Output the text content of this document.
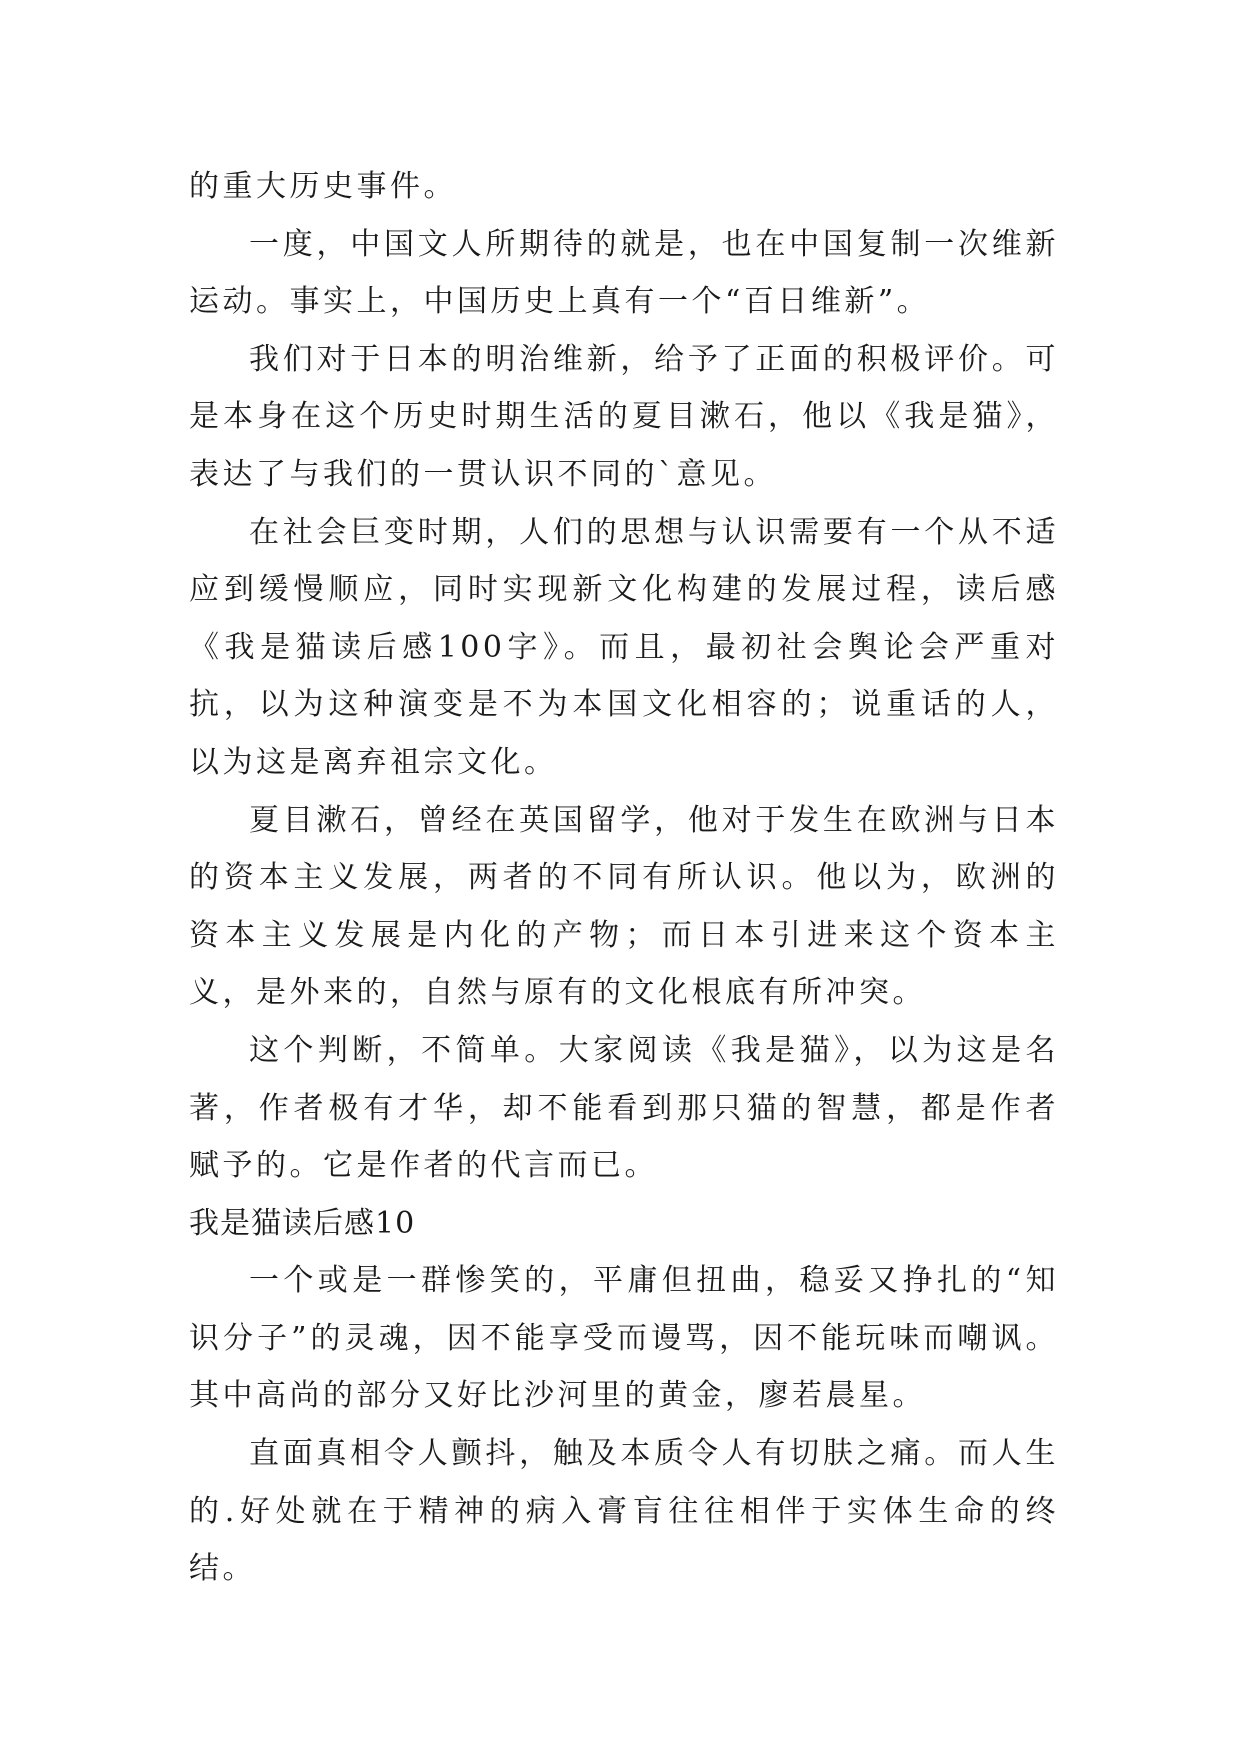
的重大历史事件。

一度，中国文人所期待的就是，也在中国复制一次维新运动。事实上，中国历史上真有一个“百日维新”。

我们对于日本的明治维新，给予了正面的积极评价。可是本身在这个历史时期生活的夏目漱石，他以《我是猫》，表达了与我们的一贯认识不同的`意见。

在社会巨变时期，人们的思想与认识需要有一个从不适应到缓慢顺应，同时实现新文化构建的发展过程，读后感《我是猫读后感100字》。而且，最初社会舆论会严重对抗，以为这种演变是不为本国文化相容的；说重话的人，以为这是离弃祖宗文化。

夏目漱石，曾经在英国留学，他对于发生在欧洲与日本的资本主义发展，两者的不同有所认识。他以为，欧洲的资本主义发展是内化的产物；而日本引进来这个资本主义，是外来的，自然与原有的文化根底有所冲突。

这个判断，不简单。大家阅读《我是猫》，以为这是名著，作者极有才华，却不能看到那只猫的智慧，都是作者赋予的。它是作者的代言而已。

我是猫读后感10

一个或是一群惨笑的，平庸但扭曲，稳妥又挣扎的“知识分子”的灵魂，因不能享受而谩骂，因不能玩味而嘲讽。其中高尚的部分又好比沙河里的黄金，廖若晨星。

直面真相令人颤抖，触及本质令人有切肤之痛。而人生的.好处就在于精神的病入膏肓往往相伴于实体生命的终结。
